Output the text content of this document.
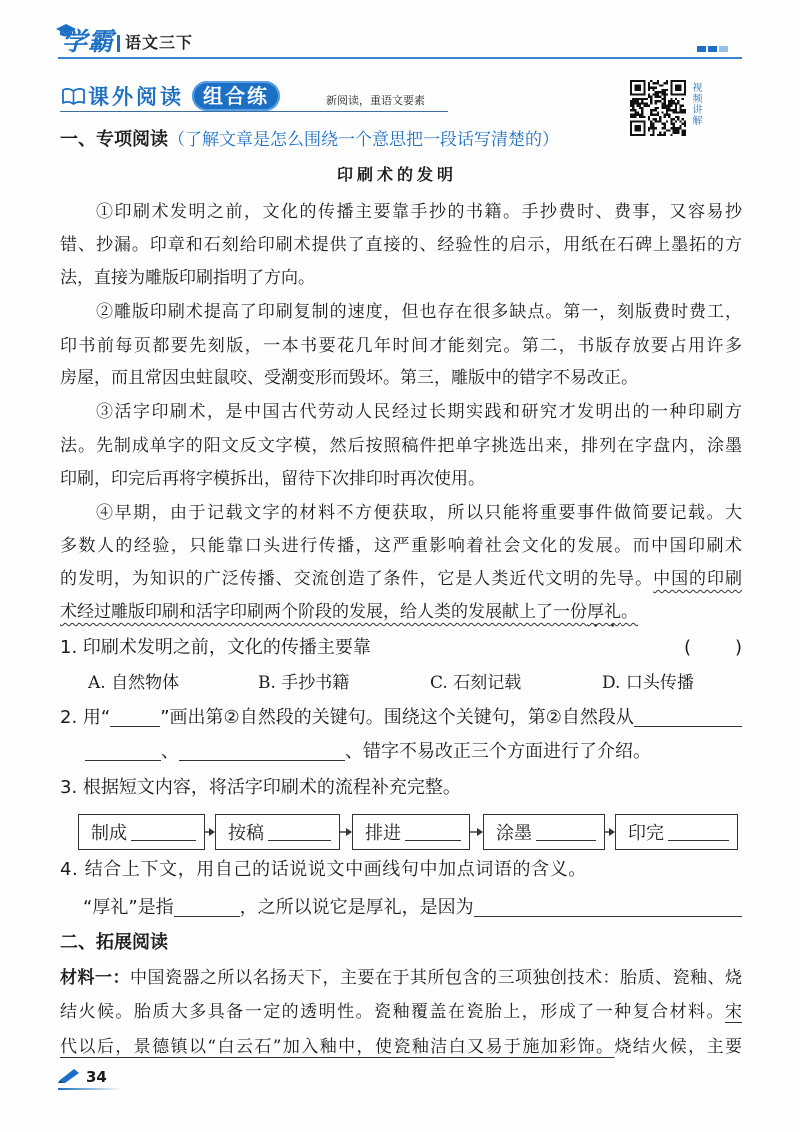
学霸 语文三下
课外阅读 组合练	新阅读，重语文要素	视频讲解
一、专项阅读 （了解文章是怎么围绕一个意思把一段话写清楚的）
印刷术的发明
①印刷术发明之前，文化的传播主要靠手抄的书籍。手抄费时、费事，又容易抄
错、抄漏。印章和石刻给印刷术提供了直接的、经验性的启示，用纸在石碑上墨拓的方
法，直接为雕版印刷指明了方向。
②雕版印刷术提高了印刷复制的速度，但也存在很多缺点。第一，刻版费时费工，
印书前每页都要先刻版，一本书要花几年时间才能刻完。第二，书版存放要占用许多
房屋，而且常因虫蛀鼠咬、受潮变形而毁坏。第三，雕版中的错字不易改正。
③活字印刷术，是中国古代劳动人民经过长期实践和研究才发明出的一种印刷方
法。先制成单字的阳文反文字模，然后按照稿件把单字挑选出来，排列在字盘内，涂墨
印刷，印完后再将字模拆出，留待下次排印时再次使用。
④早期，由于记载文字的材料不方便获取，所以只能将重要事件做简要记载。大
多数人的经验，只能靠口头进行传播，这严重影响着社会文化的发展。而中国印刷术
的发明，为知识的广泛传播、交流创造了条件，它是人类近代文明的先导。中国的印刷
术经过雕版印刷和活字印刷两个阶段的发展，给人类的发展献上了一份厚礼。
1. 印刷术发明之前，文化的传播主要靠	( )
A. 自然物体	B. 手抄书籍	C. 石刻记载	D. 口头传播
2. 用“	”画出第②自然段的关键句。围绕这个关键句，第②自然段从
、	、错字不易改正三个方面进行了介绍。
3. 根据短文内容，将活字印刷术的流程补充完整。
制成	按稿	排进	涂墨	印完
4. 结合上下文，用自己的话说说文中画线句中加点词语的含义。
“厚礼”是指	，之所以说它是厚礼，是因为
二、拓展阅读
材料一：中国瓷器之所以名扬天下，主要在于其所包含的三项独创技术：胎质、瓷釉、烧
结火候。胎质大多具备一定的透明性。瓷釉覆盖在瓷胎上，形成了一种复合材料。宋
代以后，景德镇以“白云石”加入釉中，使瓷釉洁白又易于施加彩饰。烧结火候，主要
34
